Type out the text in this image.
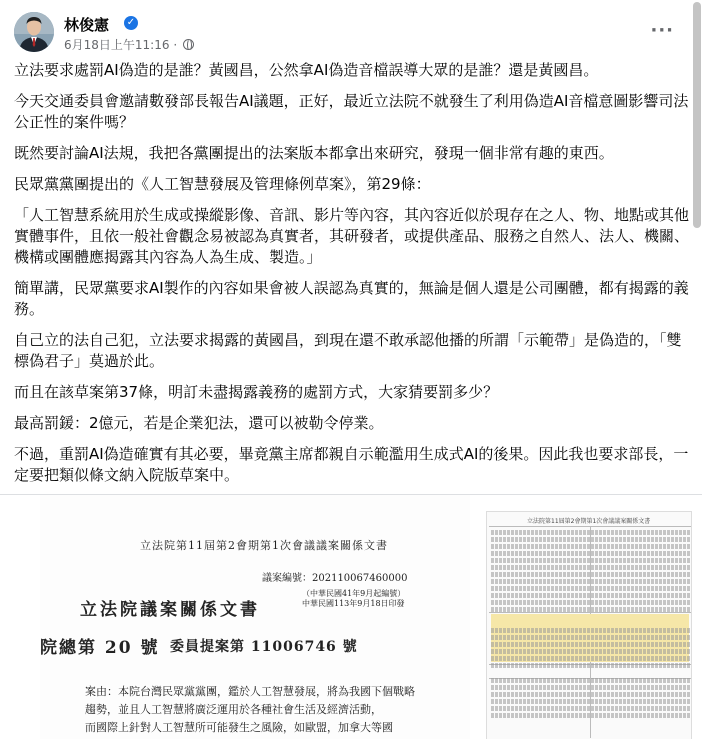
林俊憲 ✓
6月18日上午11:16 ·
···

立法要求處罰AI偽造的是誰？黃國昌，公然拿AI偽造音檔誤導大眾的是誰？還是黃國昌。

今天交通委員會邀請數發部長報告AI議題，正好，最近立法院不就發生了利用偽造AI音檔意圖影響司法公正性的案件嗎？

既然要討論AI法規，我把各黨團提出的法案版本都拿出來研究，發現一個非常有趣的東西。

民眾黨黨團提出的《人工智慧發展及管理條例草案》，第29條：

「人工智慧系統用於生成或操縱影像、音訊、影片等內容，其內容近似於現存在之人、物、地點或其他實體事件，且依一般社會觀念易被認為真實者，其研發者，或提供產品、服務之自然人、法人、機關、機構或團體應揭露其內容為人為生成、製造。」

簡單講，民眾黨要求AI製作的內容如果會被人誤認為真實的，無論是個人還是公司團體，都有揭露的義務。

自己立的法自己犯，立法要求揭露的黃國昌，到現在還不敢承認他播的所謂「示範帶」是偽造的，「雙標偽君子」莫過於此。

而且在該草案第37條，明訂未盡揭露義務的處罰方式，大家猜要罰多少？

最高罰鍰：2億元，若是企業犯法，還可以被勒令停業。

不過，重罰AI偽造確實有其必要，畢竟黨主席都親自示範濫用生成式AI的後果。因此我也要求部長，一定要把類似條文納入院版草案中。

立法院第11屆第2會期第1次會議議案關係文書
議案編號：202110067460000
立法院議案關係文書
（中華民國41年9月起編號）
中華民國113年9月18日印發
院總第 20 號 委員提案第 11006746 號
案由：本院台灣民眾黨黨團，鑑於人工智慧發展，將為我國下個戰略
趨勢，並且人工智慧將廣泛運用於各種社會生活及經濟活動，
而國際上針對人工智慧所可能發生之風險，如歐盟，加拿大等國
立法院第11屆第2會期第1次會議議案關係文書
